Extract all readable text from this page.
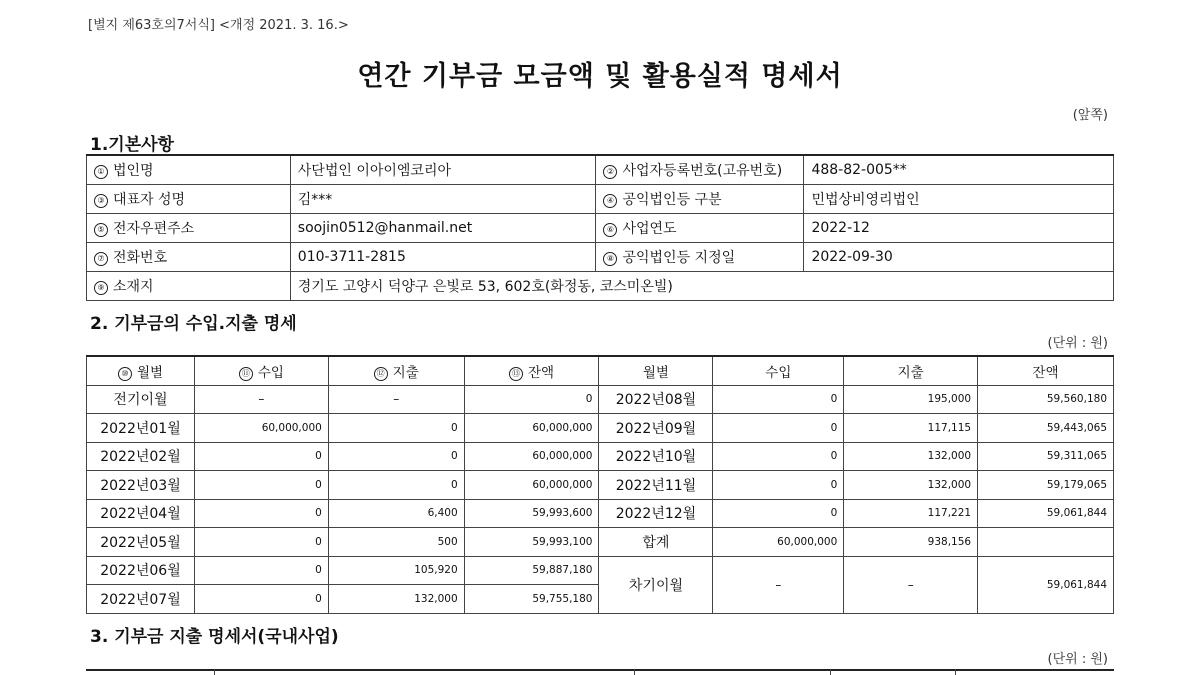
[별지 제63호의7서식] <개정 2021. 3. 16.>
연간 기부금 모금액 및 활용실적 명세서
(앞쪽)
1.기본사항
① 법인명	사단법인 이아이엠코리아	② 사업자등록번호(고유번호)	488-82-005**
③ 대표자 성명	김***	④ 공익법인등 구분	민법상비영리법인
⑤ 전자우편주소	soojin0512@hanmail.net	⑥ 사업연도	2022-12
⑦ 전화번호	010-3711-2815	⑧ 공익법인등 지정일	2022-09-30
⑨ 소재지	경기도 고양시 덕양구 은빛로 53, 602호(화정동, 코스미온빌)		
2. 기부금의 수입.지출 명세
(단위 : 원)
⑩ 월별	⑪ 수입	⑫ 지출	⑬ 잔액	월별	수입	지출	잔액
전기이월	–	–	0	2022년08월	0	195,000	59,560,180
2022년01월	60,000,000	0	60,000,000	2022년09월	0	117,115	59,443,065
2022년02월	0	0	60,000,000	2022년10월	0	132,000	59,311,065
2022년03월	0	0	60,000,000	2022년11월	0	132,000	59,179,065
2022년04월	0	6,400	59,993,600	2022년12월	0	117,221	59,061,844
2022년05월	0	500	59,993,100	합계	60,000,000	938,156	
2022년06월	0	105,920	59,887,180	차기이월	–	–	59,061,844
2022년07월	0	132,000	59,755,180				
3. 기부금 지출 명세서(국내사업)
(단위 : 원)
